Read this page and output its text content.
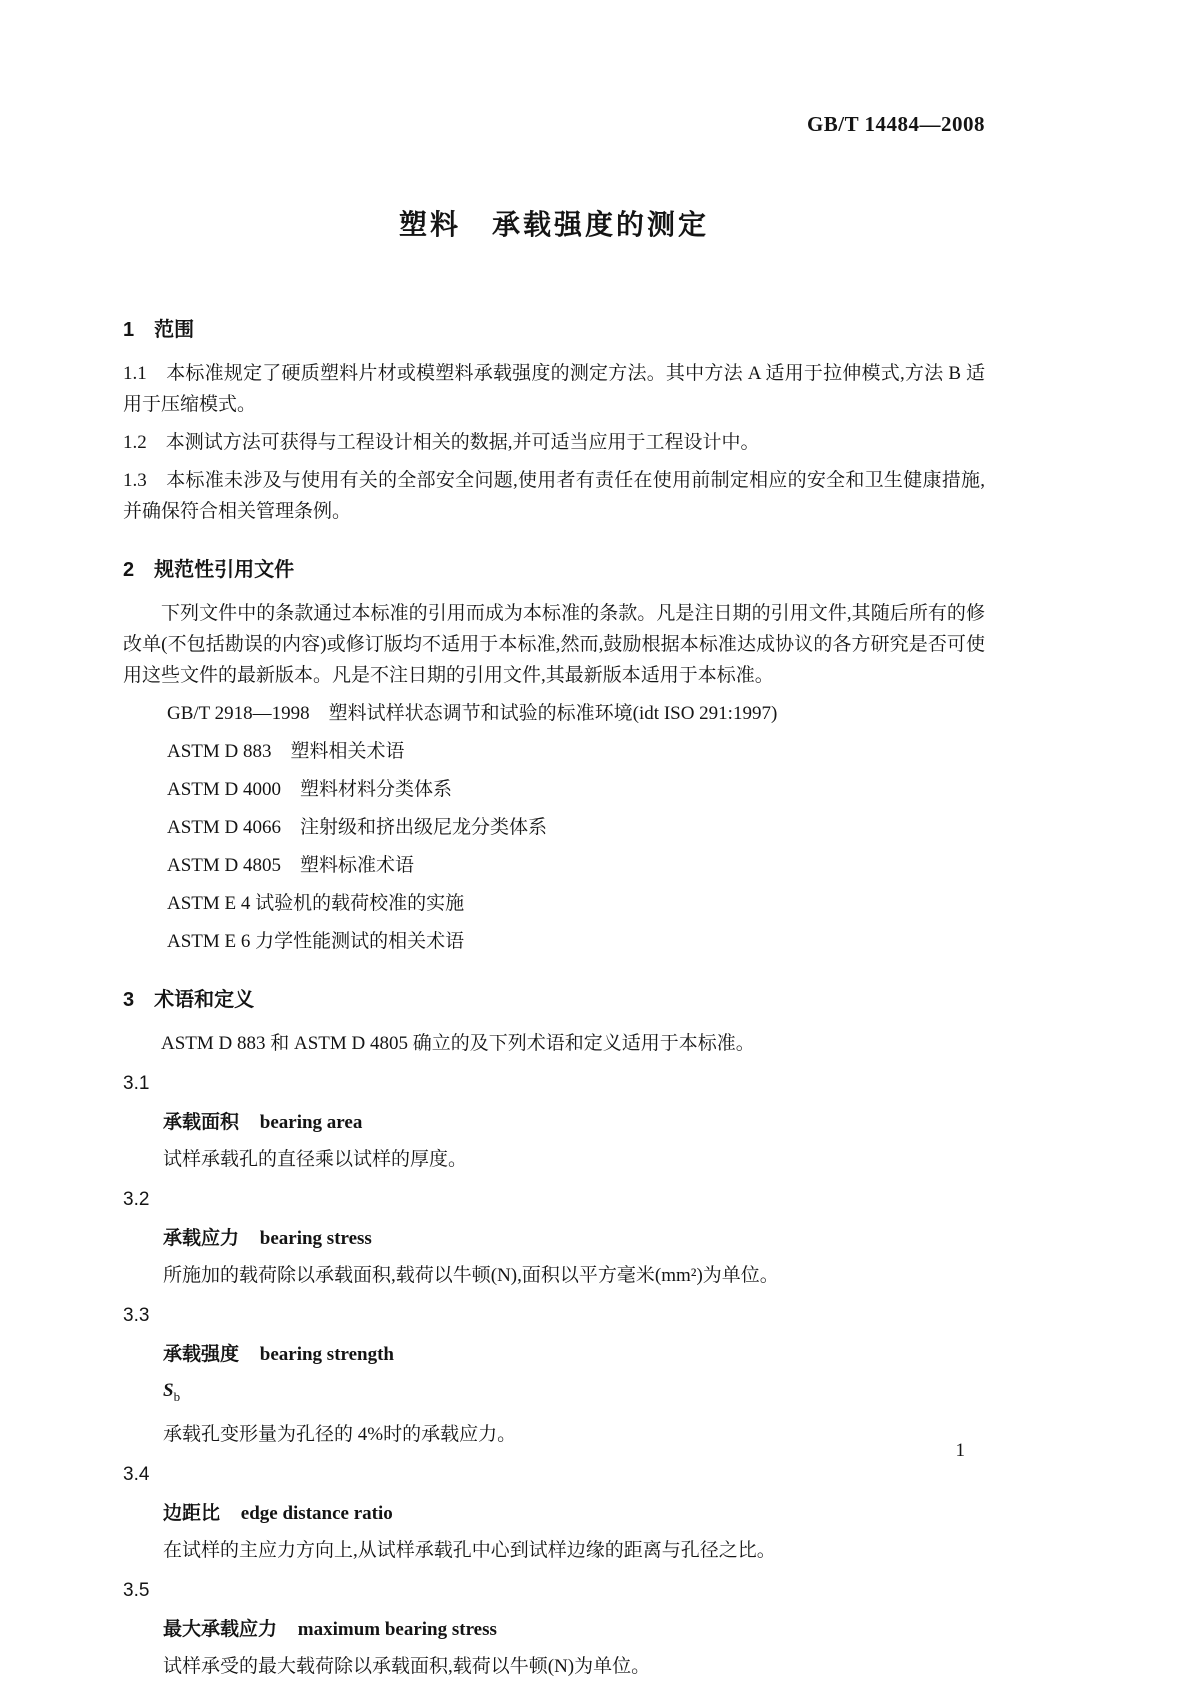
GB/T 14484—2008
塑料　承载强度的测定
1　范围

1.1　本标准规定了硬质塑料片材或模塑料承载强度的测定方法。其中方法 A 适用于拉伸模式,方法 B 适用于压缩模式。

1.2　本测试方法可获得与工程设计相关的数据,并可适当应用于工程设计中。

1.3　本标准未涉及与使用有关的全部安全问题,使用者有责任在使用前制定相应的安全和卫生健康措施,并确保符合相关管理条例。

2　规范性引用文件

下列文件中的条款通过本标准的引用而成为本标准的条款。凡是注日期的引用文件,其随后所有的修改单(不包括勘误的内容)或修订版均不适用于本标准,然而,鼓励根据本标准达成协议的各方研究是否可使用这些文件的最新版本。凡是不注日期的引用文件,其最新版本适用于本标准。

GB/T 2918—1998　塑料试样状态调节和试验的标准环境(idt ISO 291:1997)

ASTM D 883　塑料相关术语

ASTM D 4000　塑料材料分类体系

ASTM D 4066　注射级和挤出级尼龙分类体系

ASTM D 4805　塑料标准术语

ASTM E 4 试验机的载荷校准的实施

ASTM E 6 力学性能测试的相关术语

3　术语和定义

ASTM D 883 和 ASTM D 4805 确立的及下列术语和定义适用于本标准。

3.1
承载面积 bearing area
试样承载孔的直径乘以试样的厚度。
3.2
承载应力 bearing stress
所施加的载荷除以承载面积,载荷以牛顿(N),面积以平方毫米(mm²)为单位。
3.3
承载强度 bearing strength
$S_b$
承载孔变形量为孔径的 4%时的承载应力。
3.4
边距比 edge distance ratio
在试样的主应力方向上,从试样承载孔中心到试样边缘的距离与孔径之比。
3.5
最大承载应力 maximum bearing stress
试样承受的最大载荷除以承载面积,载荷以牛顿(N)为单位。
1
